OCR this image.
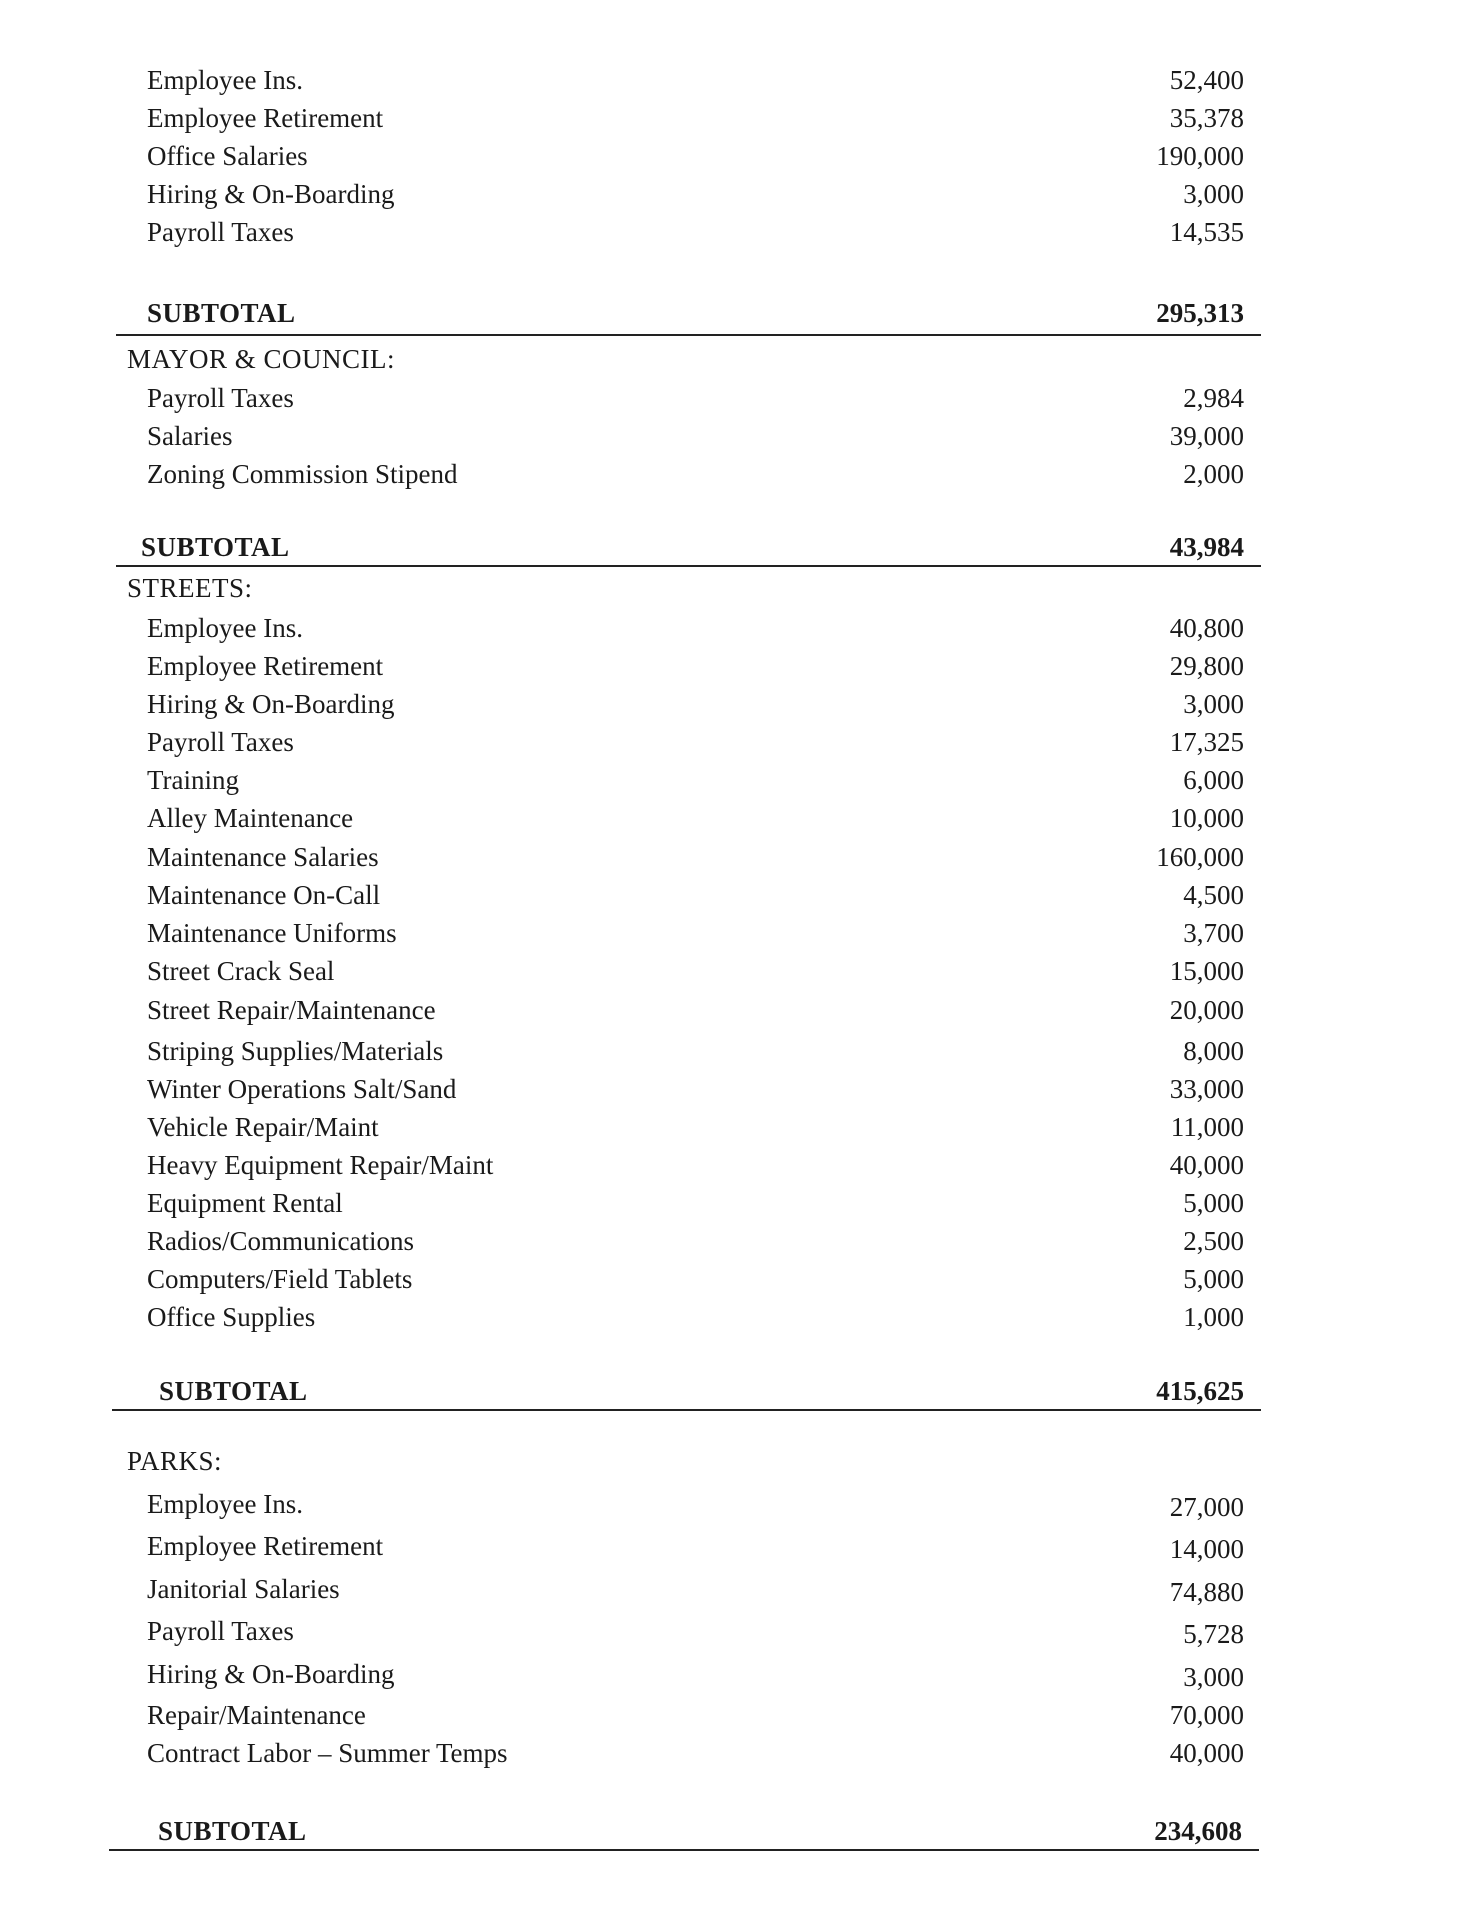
Employee Ins.	52,400
Employee Retirement	35,378
Office Salaries	190,000
Hiring & On-Boarding	3,000
Payroll Taxes	14,535
SUBTOTAL	295,313
MAYOR & COUNCIL:
Payroll Taxes	2,984
Salaries	39,000
Zoning Commission Stipend	2,000
SUBTOTAL	43,984
STREETS:
Employee Ins.	40,800
Employee Retirement	29,800
Hiring & On-Boarding	3,000
Payroll Taxes	17,325
Training	6,000
Alley Maintenance	10,000
Maintenance Salaries	160,000
Maintenance On-Call	4,500
Maintenance Uniforms	3,700
Street Crack Seal	15,000
Street Repair/Maintenance	20,000
Striping Supplies/Materials	8,000
Winter Operations Salt/Sand	33,000
Vehicle Repair/Maint	11,000
Heavy Equipment Repair/Maint	40,000
Equipment Rental	5,000
Radios/Communications	2,500
Computers/Field Tablets	5,000
Office Supplies	1,000
SUBTOTAL	415,625
PARKS:
Employee Ins.	27,000
Employee Retirement	14,000
Janitorial Salaries	74,880
Payroll Taxes	5,728
Hiring & On-Boarding	3,000
Repair/Maintenance	70,000
Contract Labor – Summer Temps	40,000
SUBTOTAL	234,608
